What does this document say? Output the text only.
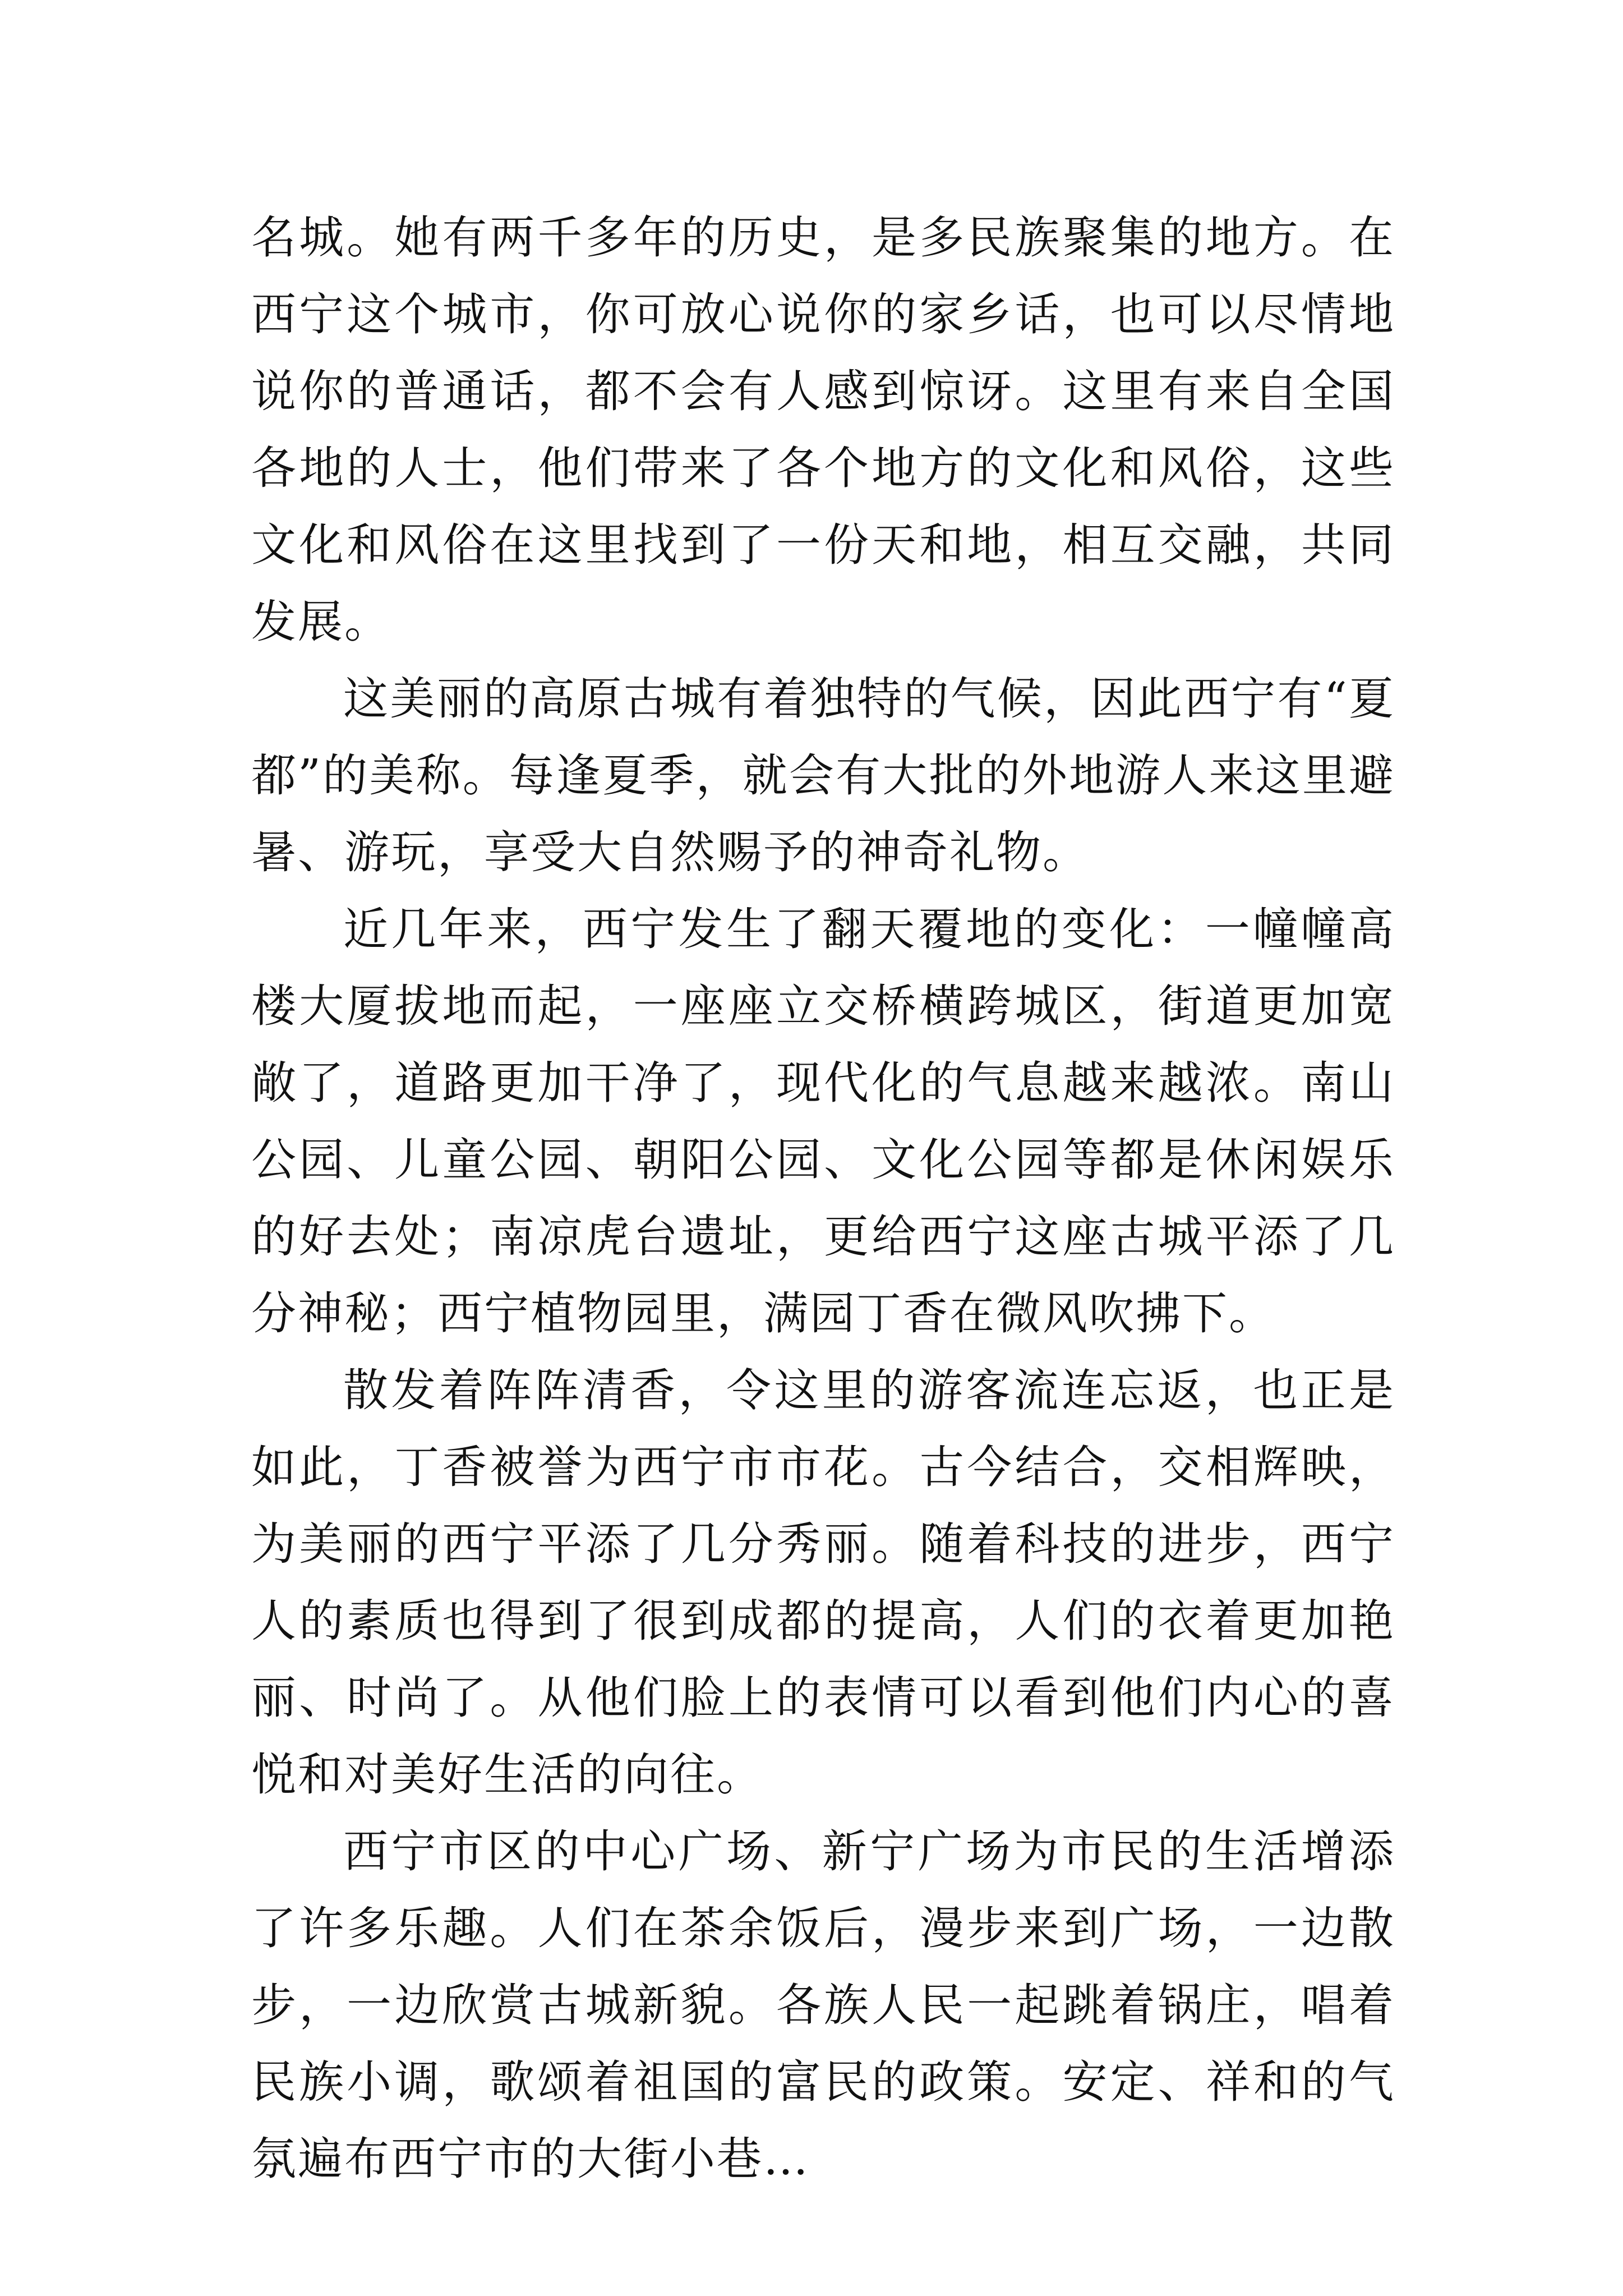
名城。她有两千多年的历史，是多民族聚集的地方。在西宁这个城市，你可放心说你的家乡话，也可以尽情地说你的普通话，都不会有人感到惊讶。这里有来自全国各地的人士，他们带来了各个地方的文化和风俗，这些文化和风俗在这里找到了一份天和地，相互交融，共同发展。

这美丽的高原古城有着独特的气候，因此西宁有“夏都”的美称。每逢夏季，就会有大批的外地游人来这里避暑、游玩，享受大自然赐予的神奇礼物。

近几年来，西宁发生了翻天覆地的变化：一幢幢高楼大厦拔地而起，一座座立交桥横跨城区，街道更加宽敞了，道路更加干净了，现代化的气息越来越浓。南山公园、儿童公园、朝阳公园、文化公园等都是休闲娱乐的好去处；南凉虎台遗址，更给西宁这座古城平添了几分神秘；西宁植物园里，满园丁香在微风吹拂下。

散发着阵阵清香，令这里的游客流连忘返，也正是如此，丁香被誉为西宁市市花。古今结合，交相辉映，为美丽的西宁平添了几分秀丽。随着科技的进步，西宁人的素质也得到了很到成都的提高，人们的衣着更加艳丽、时尚了。从他们脸上的表情可以看到他们内心的喜悦和对美好生活的向往。

西宁市区的中心广场、新宁广场为市民的生活增添了许多乐趣。人们在茶余饭后，漫步来到广场，一边散步，一边欣赏古城新貌。各族人民一起跳着锅庄，唱着民族小调，歌颂着祖国的富民的政策。安定、祥和的气氛遍布西宁市的大街小巷…
